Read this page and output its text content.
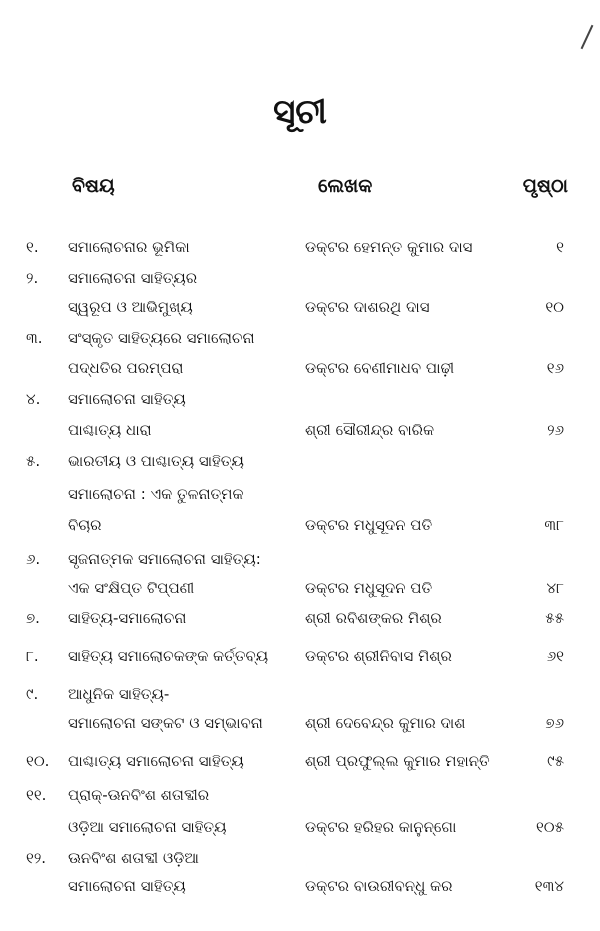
ସୂଚୀ
ବିଷୟ	ଲେଖକ	ପୃଷ୍ଠା
୧. ସମାଲୋଚନାର ଭୂମିକା	ଡକ୍ଟର ହେମନ୍ତ କୁମାର ଦାସ	୧
୨. ସମାଲୋଚନା ସାହିତ୍ୟର
ସ୍ୱରୂପ ଓ ଆଭିମୁଖ୍ୟ	ଡକ୍ଟର ଦାଶରଥି ଦାସ	୧୦
୩. ସଂସ୍କୃତ ସାହିତ୍ୟରେ ସମାଲୋଚନା
ପଦ୍ଧତିର ପରମ୍ପରା	ଡକ୍ଟର ବେଣୀମାଧବ ପାଢ଼ୀ	୧୬
୪. ସମାଲୋଚନା ସାହିତ୍ୟ
ପାଶ୍ଚାତ୍ୟ ଧାରା	ଶ୍ରୀ ସୌରୀନ୍ଦ୍ର ବାରିକ	୨୬
୫. ଭାରତୀୟ ଓ ପାଶ୍ଚାତ୍ୟ ସାହିତ୍ୟ
ସମାଲୋଚନା : ଏକ ତୁଳନାତ୍ମକ
ବିଚାର	ଡକ୍ଟର ମଧୁସୂଦନ ପତି	୩୮
୬. ସୃଜନାତ୍ମକ ସମାଲୋଚନା ସାହିତ୍ୟ:
ଏକ ସଂକ୍ଷିପ୍ତ ଟିପ୍ପଣୀ	ଡକ୍ଟର ମଧୁସୂଦନ ପତି	୪୮
୭. ସାହିତ୍ୟ-ସମାଲୋଚନା	ଶ୍ରୀ ରବିଶଙ୍କର ମିଶ୍ର	୫୫
୮. ସାହିତ୍ୟ ସମାଲୋଚକଙ୍କ କର୍ତ୍ତବ୍ୟ ଡକ୍ଟର ଶ୍ରୀନିବାସ ମିଶ୍ର	୬୧
୯. ଆଧୁନିକ ସାହିତ୍ୟ-
ସମାଲୋଚନା ସଙ୍କଟ ଓ ସମ୍ଭାବନା	ଶ୍ରୀ ଦେବେନ୍ଦ୍ର କୁମାର ଦାଶ	୭୬
୧୦. ପାଶ୍ଚାତ୍ୟ ସମାଲୋଚନା ସାହିତ୍ୟ	ଶ୍ରୀ ପ୍ରଫୁଲ୍ଲ କୁମାର ମହାନ୍ତି	୯୫
୧୧. ପ୍ରାକ୍-ଊନବିଂଶ ଶତାବ୍ଦୀର
ଓଡ଼ିଆ ସମାଲୋଚନା ସାହିତ୍ୟ	ଡକ୍ଟର ହରିହର କାନୁନ୍‌ଗୋ	୧୦୫
୧୨. ଊନବିଂଶ ଶତାବ୍ଦୀ ଓଡ଼ିଆ
ସମାଲୋଚନା ସାହିତ୍ୟ	ଡକ୍ଟର ବାଉରୀବନ୍ଧୁ କର	୧୩୪
